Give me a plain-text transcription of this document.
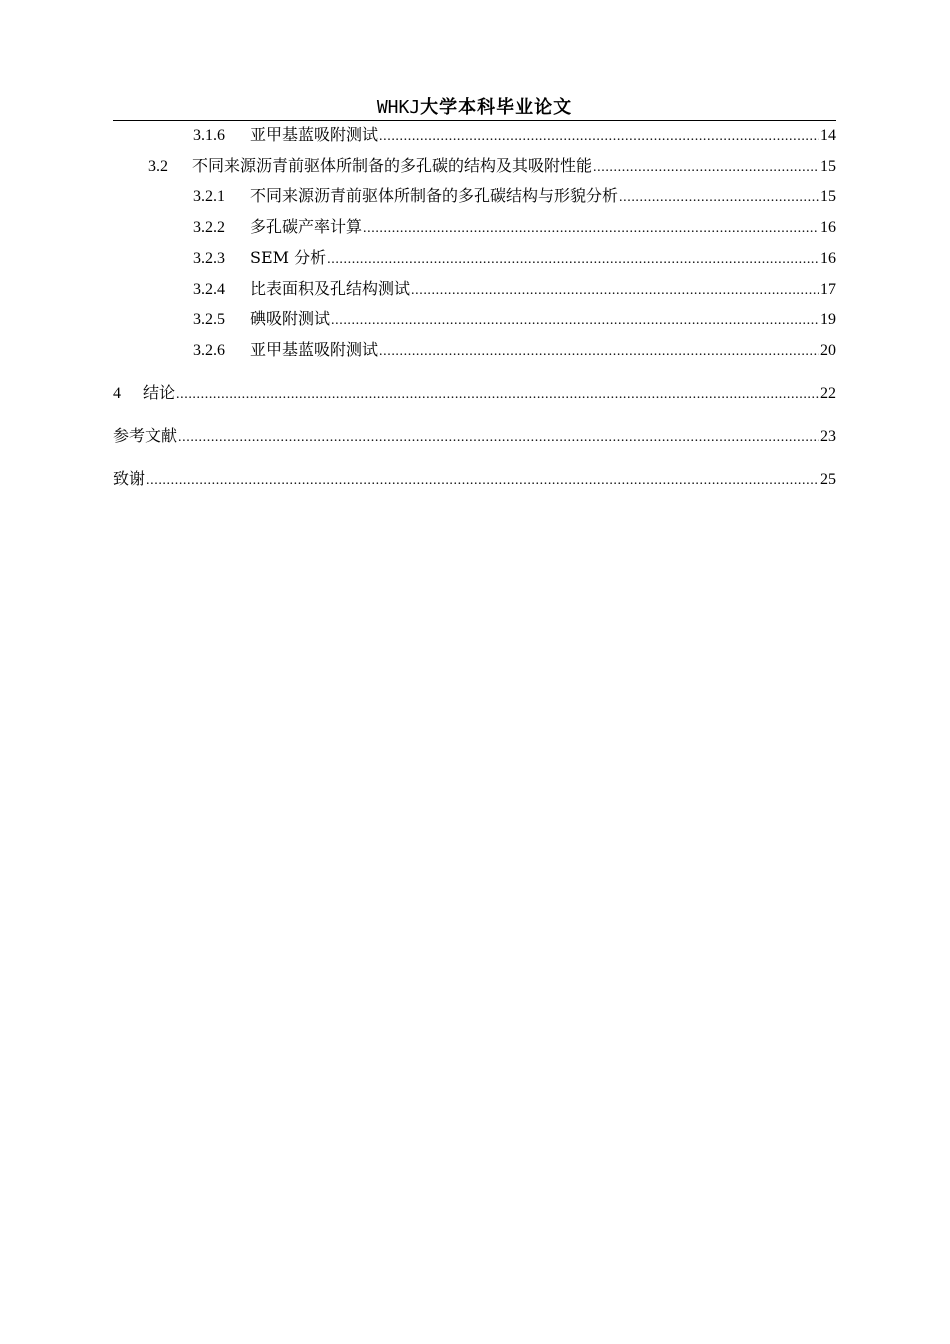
WHKJ大学本科毕业论文
3.1.6	亚甲基蓝吸附测试 .....	14
3.2	不同来源沥青前驱体所制备的多孔碳的结构及其吸附性能 .....	15
3.2.1	不同来源沥青前驱体所制备的多孔碳结构与形貌分析 .....	15
3.2.2	多孔碳产率计算 .....	16
3.2.3	SEM 分析 .....	16
3.2.4	比表面积及孔结构测试 .....	17
3.2.5	碘吸附测试 .....	19
3.2.6	亚甲基蓝吸附测试 .....	20
4	结论 .....	22
参考文献 .....	23
致谢 .....	25
